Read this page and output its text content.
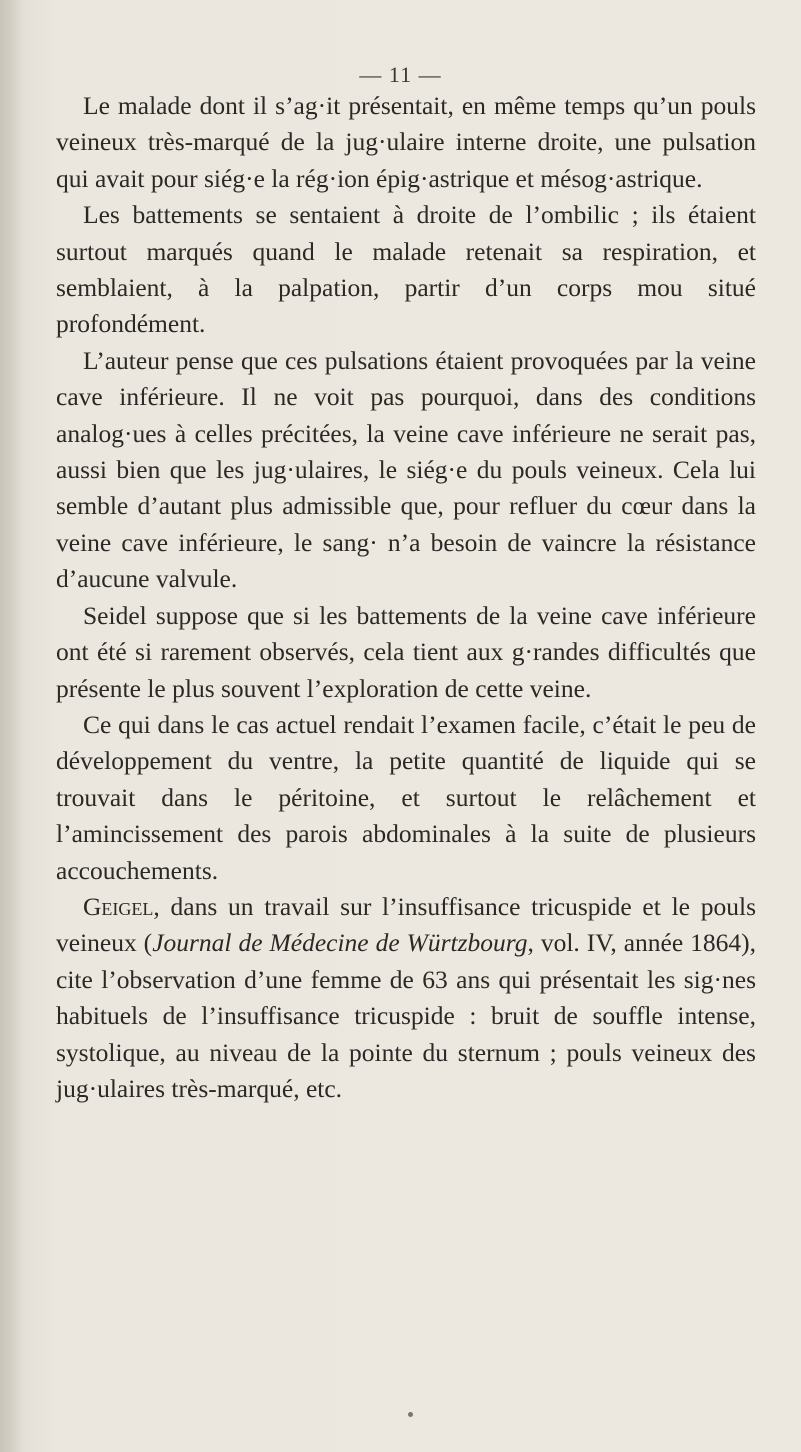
— 11 —

Le malade dont il s’ag·it présentait, en même temps qu’un pouls veineux très-marqué de la jug·ulaire interne droite, une pulsation qui avait pour siég·e la rég·ion épig·astrique et mésog·astrique.

Les battements se sentaient à droite de l’ombilic ; ils étaient surtout marqués quand le malade retenait sa respiration, et semblaient, à la palpation, partir d’un corps mou situé profondément.

L’auteur pense que ces pulsations étaient provoquées par la veine cave inférieure. Il ne voit pas pourquoi, dans des conditions analog·ues à celles précitées, la veine cave inférieure ne serait pas, aussi bien que les jug·ulaires, le siég·e du pouls veineux. Cela lui semble d’autant plus admissible que, pour refluer du cœur dans la veine cave inférieure, le sang· n’a besoin de vaincre la résistance d’aucune valvule.

Seidel suppose que si les battements de la veine cave inférieure ont été si rarement observés, cela tient aux g·randes difficultés que présente le plus souvent l’exploration de cette veine.

Ce qui dans le cas actuel rendait l’examen facile, c’était le peu de développement du ventre, la petite quantité de liquide qui se trouvait dans le péritoine, et surtout le relâchement et l’amincissement des parois abdominales à la suite de plusieurs accouchements.

Geigel, dans un travail sur l’insuffisance tricuspide et le pouls veineux (Journal de Médecine de Würtzbourg, vol. IV, année 1864), cite l’observation d’une femme de 63 ans qui présentait les sig·nes habituels de l’insuffisance tricuspide : bruit de souffle intense, systolique, au niveau de la pointe du sternum ; pouls veineux des jug·ulaires très-marqué, etc.
